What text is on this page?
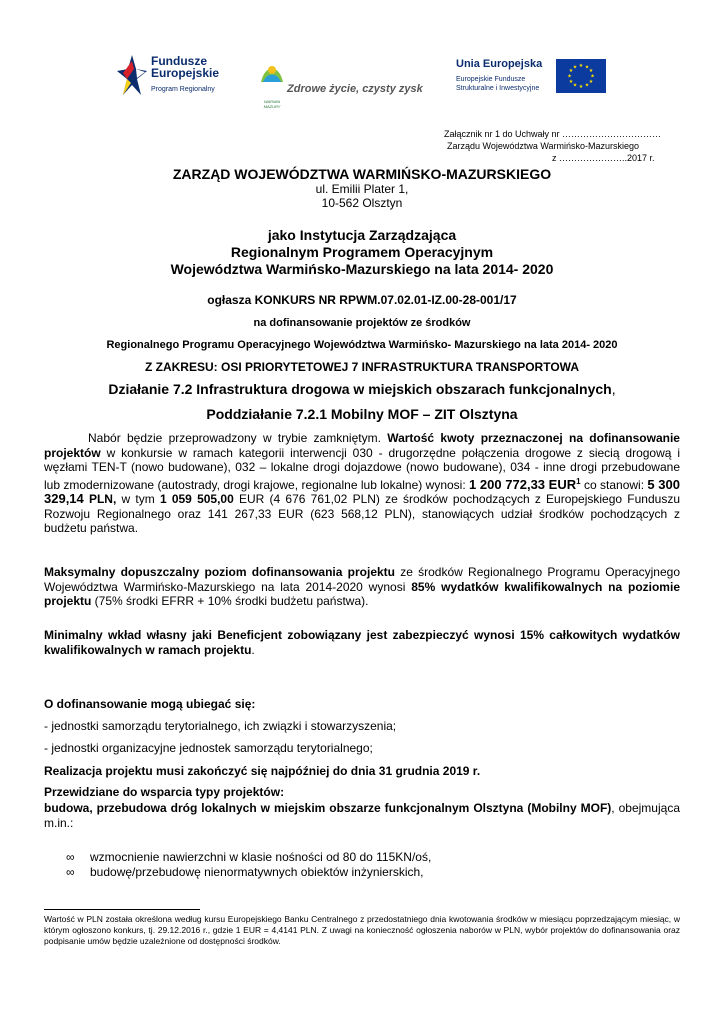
Fundusze
Europejskie
Program Regionalny
WARMIA MAZURY
Zdrowe życie, czysty zysk
Unia Europejska
Europejskie Fundusze
Strukturalne i Inwestycyjne
★ ★
★
★
★
★
★
★
★
★
★
★
Załącznik nr 1 do Uchwały nr ……………………………
Zarządu Województwa Warmińsko-Mazurskiego
z …………………..2017 r.
ZARZĄD WOJEWÓDZTWA WARMIŃSKO-MAZURSKIEGO
ul. Emilii Plater 1,
10-562 Olsztyn
jako Instytucja Zarządzająca
Regionalnym Programem Operacyjnym
Województwa Warmińsko-Mazurskiego na lata 2014- 2020
ogłasza KONKURS NR RPWM.07.02.01-IZ.00-28-001/17
na dofinansowanie projektów ze środków
Regionalnego Programu Operacyjnego Województwa Warmińsko- Mazurskiego na lata 2014- 2020
Z ZAKRESU: OSI PRIORYTETOWEJ 7 INFRASTRUKTURA TRANSPORTOWA
Działanie 7.2 Infrastruktura drogowa w miejskich obszarach funkcjonalnych,
Poddziałanie 7.2.1 Mobilny MOF – ZIT Olsztyna
Nabór będzie przeprowadzony w trybie zamkniętym. Wartość kwoty przeznaczonej na dofinansowanie projektów w konkursie w ramach kategorii interwencji 030 - drugorzędne połączenia drogowe z siecią drogową i węzłami TEN-T (nowo budowane), 032 – lokalne drogi dojazdowe (nowo budowane), 034 - inne drogi przebudowane lub zmodernizowane (autostrady, drogi krajowe, regionalne lub lokalne) wynosi: 1 200 772,33 EUR$^1$ co stanowi: 5 300 329,14 PLN, w tym 1 059 505,00 EUR (4 676 761,02 PLN) ze środków pochodzących z Europejskiego Funduszu Rozwoju Regionalnego oraz 141 267,33 EUR (623 568,12 PLN), stanowiących udział środków pochodzących z budżetu państwa.
Maksymalny dopuszczalny poziom dofinansowania projektu ze środków Regionalnego Programu Operacyjnego Województwa Warmińsko-Mazurskiego na lata 2014-2020 wynosi 85% wydatków kwalifikowalnych na poziomie projektu (75% środki EFRR + 10% środki budżetu państwa).
Minimalny wkład własny jaki Beneficjent zobowiązany jest zabezpieczyć wynosi 15% całkowitych wydatków kwalifikowalnych w ramach projektu.
O dofinansowanie mogą ubiegać się:
- jednostki samorządu terytorialnego, ich związki i stowarzyszenia;
- jednostki organizacyjne jednostek samorządu terytorialnego;
Realizacja projektu musi zakończyć się najpóźniej do dnia 31 grudnia 2019 r.
Przewidziane do wsparcia typy projektów:
budowa, przebudowa dróg lokalnych w miejskim obszarze funkcjonalnym Olsztyna (Mobilny MOF), obejmująca m.in.:
∞ wzmocnienie nawierzchni w klasie nośności od 80 do 115KN/oś,
∞ budowę/przebudowę nienormatywnych obiektów inżynierskich,
Wartość w PLN została określona według kursu Europejskiego Banku Centralnego z przedostatniego dnia kwotowania środków w miesiącu poprzedzającym miesiąc, w którym ogłoszono konkurs, tj. 29.12.2016 r., gdzie 1 EUR = 4,4141 PLN. Z uwagi na konieczność ogłoszenia naborów w PLN, wybór projektów do dofinansowania oraz podpisanie umów będzie uzależnione od dostępności środków.
